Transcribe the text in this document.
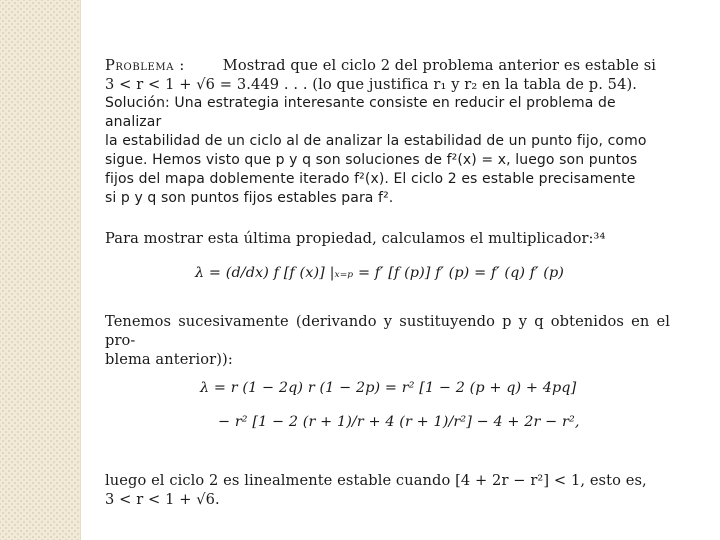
Problema :	Mostrad que el ciclo 2 del problema anterior es estable si

3 < r < 1 + √6 = 3.449 . . . (lo que justifica r₁ y r₂ en la tabla de p. 54).

Solución: Una estrategia interesante consiste en reducir el problema de analizar

la estabilidad de un ciclo al de analizar la estabilidad de un punto fijo, como

sigue. Hemos visto que p y q son soluciones de f²(x) = x, luego son puntos

fijos del mapa doblemente iterado f²(x). El ciclo 2 es estable precisamente

si p y q son puntos fijos estables para f².

Para mostrar esta última propiedad, calculamos el multiplicador:³⁴

λ = (d/dx) f [f (x)] |ₓ₌ₚ = f′ [f (p)] f′ (p) = f′ (q) f′ (p)

Tenemos sucesivamente (derivando y sustituyendo p y q obtenidos en el pro-

blema anterior)):

λ = r (1 − 2q) r (1 − 2p) = r² [1 − 2 (p + q) + 4pq]
− r² [1 − 2 (r + 1)/r + 4 (r + 1)/r²] − 4 + 2r − r²,

luego el ciclo 2 es linealmente estable cuando [4 + 2r − r²] < 1, esto es,

3 < r < 1 + √6.
